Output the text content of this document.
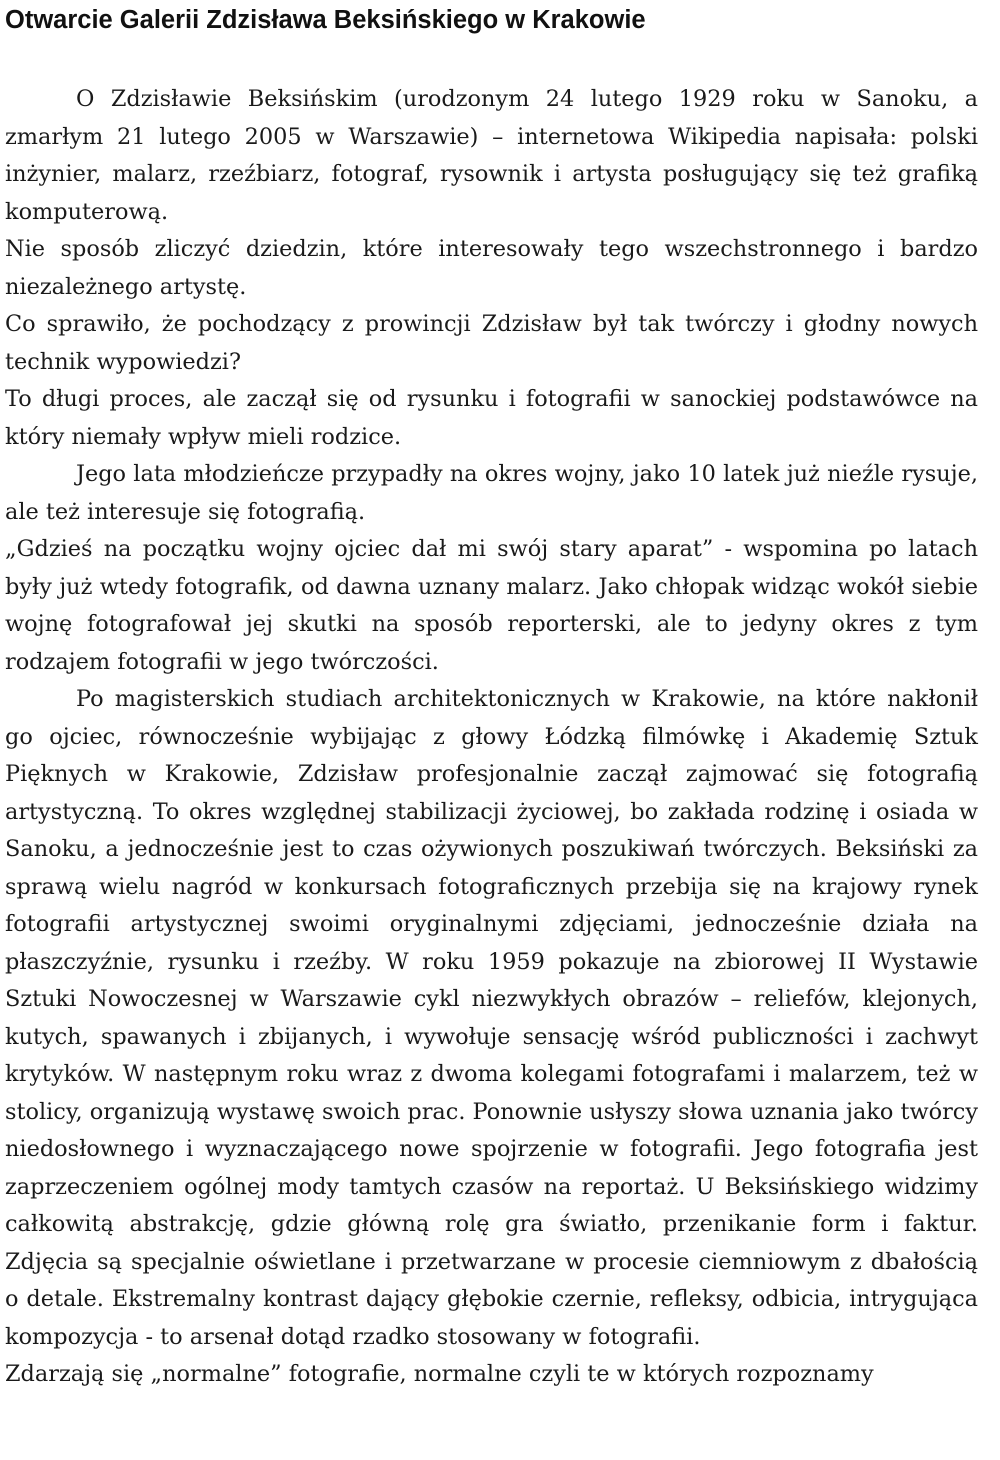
Otwarcie Galerii Zdzisława Beksińskiego w Krakowie

O Zdzisławie Beksińskim (urodzonym 24 lutego 1929 roku w Sanoku, a zmarłym 21 lutego 2005 w Warszawie) – internetowa Wikipedia napisała: polski inżynier, malarz, rzeźbiarz, fotograf, rysownik i artysta posługujący się też grafiką komputerową.

Nie sposób zliczyć dziedzin, które interesowały tego wszechstronnego i bardzo niezależnego artystę.

Co sprawiło, że pochodzący z prowincji Zdzisław był tak twórczy i głodny nowych technik wypowiedzi?

To długi proces, ale zaczął się od rysunku i fotografii w sanockiej podstawówce na który niemały wpływ mieli rodzice.

Jego lata młodzieńcze przypadły na okres wojny, jako 10 latek już nieźle rysuje, ale też interesuje się fotografią.

„Gdzieś na początku wojny ojciec dał mi swój stary aparat” - wspomina po latach były już wtedy fotografik, od dawna uznany malarz. Jako chłopak widząc wokół siebie wojnę fotografował jej skutki na sposób reporterski, ale to jedyny okres z tym rodzajem fotografii w jego twórczości.

Po magisterskich studiach architektonicznych w Krakowie, na które nakłonił go ojciec, równocześnie wybijając z głowy Łódzką filmówkę i Akademię Sztuk Pięknych w Krakowie, Zdzisław profesjonalnie zaczął zajmować się fotografią artystyczną. To okres względnej stabilizacji życiowej, bo zakłada rodzinę i osiada w Sanoku, a jednocześnie jest to czas ożywionych poszukiwań twórczych. Beksiński za sprawą wielu nagród w konkursach fotograficznych przebija się na krajowy rynek fotografii artystycznej swoimi oryginalnymi zdjęciami, jednocześnie działa na płaszczyźnie, rysunku i rzeźby. W roku 1959 pokazuje na zbiorowej II Wystawie Sztuki Nowoczesnej w Warszawie cykl niezwykłych obrazów – reliefów, klejonych, kutych, spawanych i zbijanych, i wywołuje sensację wśród publiczności i zachwyt krytyków. W następnym roku wraz z dwoma kolegami fotografami i malarzem, też w stolicy, organizują wystawę swoich prac. Ponownie usłyszy słowa uznania jako twórcy niedosłownego i wyznaczającego nowe spojrzenie w fotografii. Jego fotografia jest zaprzeczeniem ogólnej mody tamtych czasów na reportaż. U Beksińskiego widzimy całkowitą abstrakcję, gdzie główną rolę gra światło, przenikanie form i faktur. Zdjęcia są specjalnie oświetlane i przetwarzane w procesie ciemniowym z dbałością o detale. Ekstremalny kontrast dający głębokie czernie, refleksy, odbicia, intrygująca kompozycja - to arsenał dotąd rzadko stosowany w fotografii.

Zdarzają się „normalne” fotografie, normalne czyli te w których rozpoznamy
